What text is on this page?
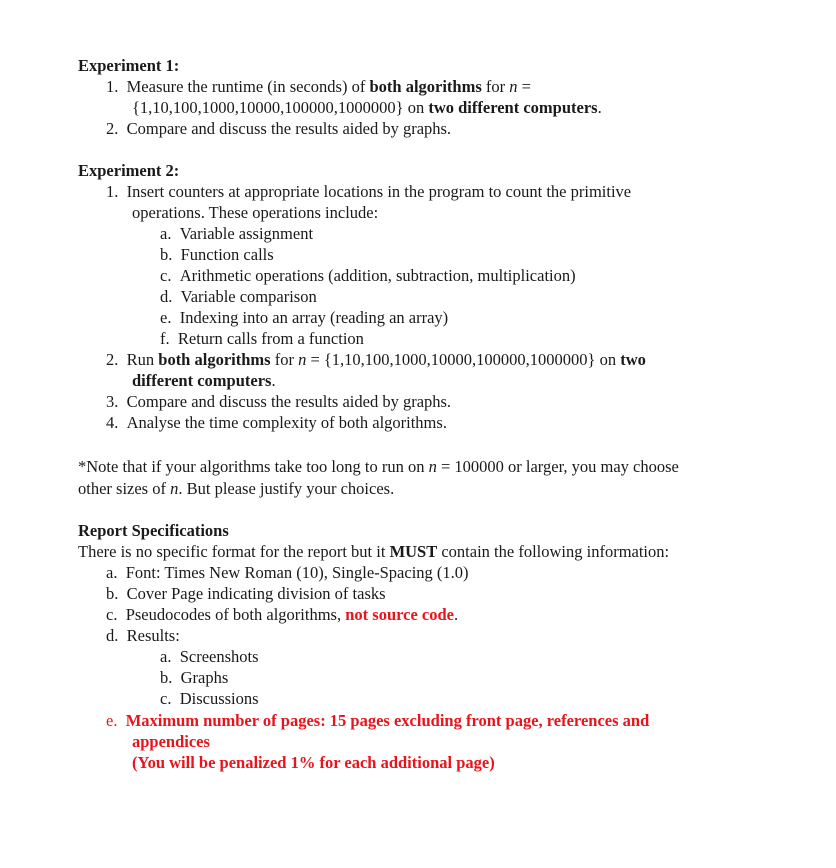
Experiment 1:
1. Measure the runtime (in seconds) of both algorithms for n =
{1,10,100,1000,10000,100000,1000000} on two different computers.
2. Compare and discuss the results aided by graphs.
Experiment 2:
1. Insert counters at appropriate locations in the program to count the primitive
operations. These operations include:
a. Variable assignment
b. Function calls
c. Arithmetic operations (addition, subtraction, multiplication)
d. Variable comparison
e. Indexing into an array (reading an array)
f. Return calls from a function
2. Run both algorithms for n = {1,10,100,1000,10000,100000,1000000} on two
different computers.
3. Compare and discuss the results aided by graphs.
4. Analyse the time complexity of both algorithms.
*Note that if your algorithms take too long to run on n = 100000 or larger, you may choose
other sizes of n. But please justify your choices.
Report Specifications
There is no specific format for the report but it MUST contain the following information:
a. Font: Times New Roman (10), Single-Spacing (1.0)
b. Cover Page indicating division of tasks
c. Pseudocodes of both algorithms, not source code.
d. Results:
a. Screenshots
b. Graphs
c. Discussions
e. Maximum number of pages: 15 pages excluding front page, references and
appendices
(You will be penalized 1% for each additional page)
